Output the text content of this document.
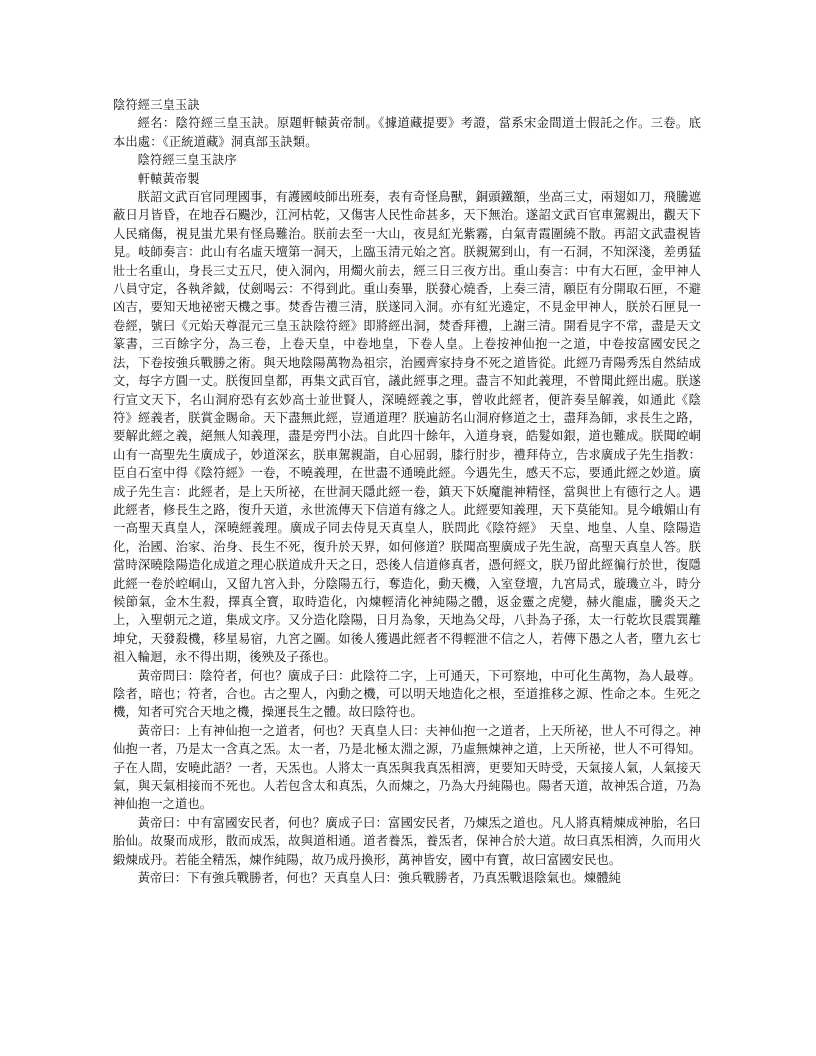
陰符經三皇玉訣

經名：陰符經三皇玉訣。原題軒轅黃帝制。《據道藏提要》考證，當系宋金間道士假託之作。三卷。底本出處：《正統道藏》洞真部玉訣類。

陰符經三皇玉訣序

軒轅黃帝製

朕詔文武百官同理國事，有護國岐師出班奏，表有奇怪鳥獸，銅頭鐵額，坐高三丈，兩翅如刀，飛騰遮蔽日月皆昏，在地吞石颺沙，江河枯乾，又傷害人民性命甚多，天下無治。遂詔文武百官車駕親出，觀天下人民痛傷，視見蚩尤果有怪鳥難治。朕前去至一大山，夜見紅光紫霧，白氣青霞圍繞不散。再詔文武盡視皆見。岐師奏言：此山有名虛天壇第一洞天，上臨玉清元始之宮。朕親駕到山，有一石洞，不知深淺，差勇猛壯士名重山，身長三丈五尺，使入洞內，用燭火前去，經三日三夜方出。重山奏言：中有大石匣，金甲神人八員守定，各執斧鉞，仗劍喝云：不得到此。重山奏畢，朕發心燒香，上奏三清，願臣有分開取石匣，不避凶吉，要知天地祕密天機之事。焚香告禮三清，朕遂同入洞。亦有紅光遶定，不見金甲神人，朕於石匣見一卷經，號曰《元始天尊混元三皇玉訣陰符經》即將經出洞，焚香拜禮，上謝三清。開看見字不常，盡是天文篆書，三百餘字分，為三卷，上卷天皇，中卷地皇，下卷人皇。上卷按神仙抱一之道，中卷按富國安民之法，下卷按強兵戰勝之術。與天地陰陽萬物為祖宗，治國齊家持身不死之道皆從。此經乃青陽秀炁自然結成文，每字方圓一丈。朕復回皇都，再集文武百官，議此經事之理。盡言不知此義理，不曾聞此經出處。朕遂行宣文天下，名山洞府恐有玄妙高士並世賢人，深曉經義之事，曾收此經者，便許奏呈解義，如通此《陰符》經義者，朕賞金賜命。天下盡無此經，豈通道理？朕遍訪名山洞府修道之士，盡拜為師，求長生之路，要解此經之義，絕無人知義理，盡是旁門小法。自此四十餘年，入道身衰，皓髮如銀，道也難成。朕聞崆峒山有一高聖先生廣成子，妙道深玄，朕車駕親詣，自心屈弱，膝行肘步，禮拜侍立，告求廣成子先生指教：臣自石室中得《陰符經》一卷，不曉義理，在世盡不通曉此經。今遇先生，感天不忘，要通此經之妙道。廣成子先生言：此經者，是上天所祕，在世洞天隱此經一卷，鎮天下妖魔龍神精怪，當與世上有德行之人。遇此經者，修長生之路，復升天道，永世流傳天下信道有緣之人。此經要知義理，天下莫能知。見今峨媚山有一高聖天真皇人，深曉經義理。廣成子同去侍見天真皇人，朕問此《陰符經》　天皇、地皇、人皇、陰陽造化，治國、治家、治身、長生不死，復升於天界，如何修道？朕聞高聖廣成子先生說，高聖天真皇人答。朕當時深曉陰陽造化成道之理心朕道成升天之日，恐後人信道修真者，憑何經文，朕乃留此經徧行於世，復隱此經一卷於崆峒山，又留九宮入卦，分陰陽五行，奪造化，動天機，入室登壇，九宮局式，璇璣立斗，時分候節氣，金木生殺，擇真全寶，取時造化，內煉輕清化神純陽之體，返金靈之虎變，赫火龍虛，騰炎天之上，入聖朝元之道，集成文序。又分造化陰陽，日月為象，天地為父母，八卦為子孫，太一行乾坎艮震巽離坤兌，天發殺機，移星易宿，九宮之圖。如後人獲遇此經者不得輕泄不信之人，若傳下愚之人者，墮九玄七祖入輪迴，永不得出期，後殃及子孫也。

黃帝問曰：陰符者，何也？廣成子曰：此陰符二字，上可通天，下可察地，中可化生萬物，為人最尊。陰者，暗也；符者，合也。古之聖人，內動之機，可以明天地造化之根，至道推移之源、性命之本。生死之機，知者可究合天地之機，操運長生之體。故曰陰符也。

黃帝曰：上有神仙抱一之道者，何也？天真皇人曰：夫神仙抱一之道者，上天所祕，世人不可得之。神仙抱一者，乃是太一含真之炁。太一者，乃是北極太淵之源，乃虛無煉神之道，上天所祕，世人不可得知。子在人間，安曉此語？一者，天炁也。人將太一真炁與我真炁相濟，更要知天時受，天氣接人氣，人氣接天氣，與天氣相接而不死也。人若包含太和真炁，久而煉之，乃為大丹純陽也。陽者天道，故神炁合道，乃為神仙抱一之道也。

黃帝曰：中有富國安民者，何也？廣成子曰：富國安民者，乃煉炁之道也。凡人將真精煉成神胎，名曰胎仙。故聚而成形，散而成炁，故與道相通。道者養炁，養炁者，保神合於大道。故曰真炁相濟，久而用火緞煉成丹。若能全精炁，煉作純陽，故乃成丹換形，萬神皆安，國中有寶，故曰富國安民也。

黃帝曰：下有強兵戰勝者，何也？天真皇人曰：強兵戰勝者，乃真炁戰退陰氣也。煉體純
